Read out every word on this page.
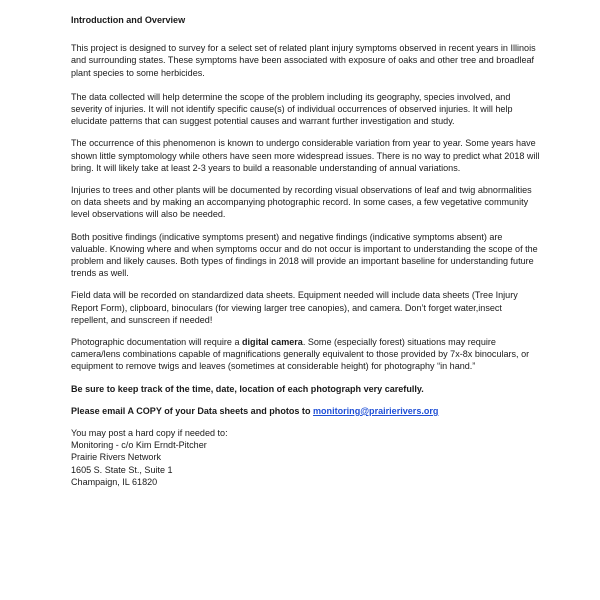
Introduction and Overview

This project is designed to survey for a select set of related plant injury symptoms observed in recent years in Illinois and surrounding states. These symptoms have been associated with exposure of oaks and other tree and broadleaf plant species to some herbicides.

The data collected will help determine the scope of the problem including its geography, species involved, and severity of injuries. It will not identify specific cause(s) of individual occurrences of observed injuries. It will help elucidate patterns that can suggest potential causes and warrant further investigation and study.

The occurrence of this phenomenon is known to undergo considerable variation from year to year. Some years have shown little symptomology while others have seen more widespread issues. There is no way to predict what 2018 will bring. It will likely take at least 2-3 years to build a reasonable understanding of annual variations.

Injuries to trees and other plants will be documented by recording visual observations of leaf and twig abnormalities on data sheets and by making an accompanying photographic record. In some cases, a few vegetative community level observations will also be needed.

Both positive findings (indicative symptoms present) and negative findings (indicative symptoms absent) are valuable. Knowing where and when symptoms occur and do not occur is important to understanding the scope of the problem and likely causes. Both types of findings in 2018 will provide an important baseline for understanding future trends as well.

Field data will be recorded on standardized data sheets. Equipment needed will include data sheets (Tree Injury Report Form), clipboard, binoculars (for viewing larger tree canopies), and camera. Don’t forget water,insect repellent, and sunscreen if needed!

Photographic documentation will require a digital camera. Some (especially forest) situations may require camera/lens combinations capable of magnifications generally equivalent to those provided by 7x-8x binoculars, or equipment to remove twigs and leaves (sometimes at considerable height) for photography “in hand.”

Be sure to keep track of the time, date, location of each photograph very carefully.

Please email A COPY of your Data sheets and photos to monitoring@prairierivers.org

You may post a hard copy if needed to:
Monitoring - c/o Kim Erndt-Pitcher
Prairie Rivers Network
1605 S. State St., Suite 1
Champaign, IL 61820
